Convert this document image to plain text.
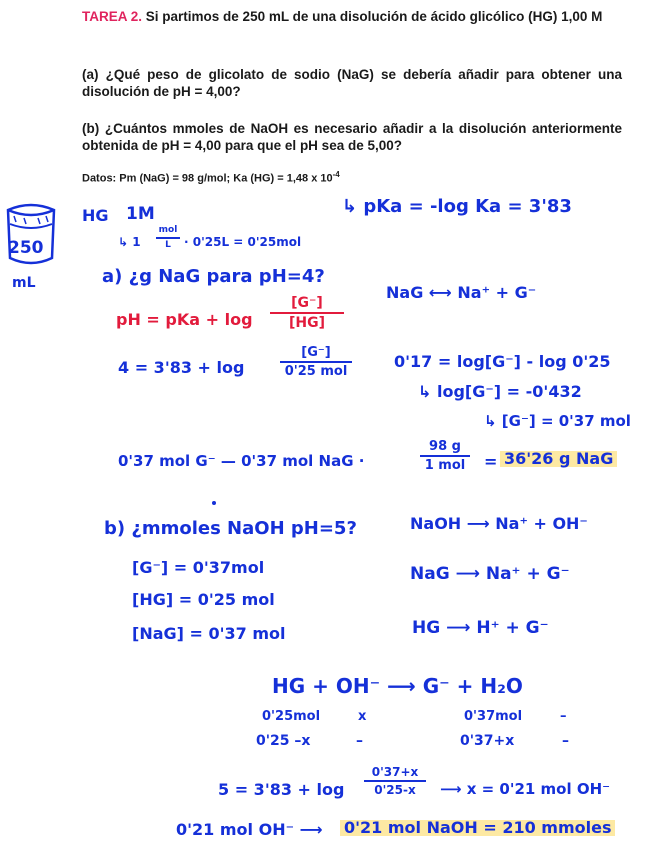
TAREA 2. Si partimos de 250 mL de una disolución de ácido glicólico (HG) 1,00 M
(a) ¿Qué peso de glicolato de sodio (NaG) se debería añadir para obtener una disolución de pH = 4,00?
(b) ¿Cuántos mmoles de NaOH es necesario añadir a la disolución anteriormente obtenida de pH = 4,00 para que el pH sea de 5,00?
Datos: Pm (NaG) = 98 g/mol; Ka (HG) = 1,48 x $10^{-4}$
250
mL
HG 1M
↳ 1
mol
L	· 0'25L = 0'25mol
↳ pKa = -log Ka = 3'83
a) ¿g NaG para pH=4?
NaG ⟷ Na⁺ + G⁻
pH = pKa + log
[G⁻]
[HG]
4 = 3'83 + log
[G⁻]
0'25 mol
0'17 = log[G⁻] - log 0'25
↳ log[G⁻] = -0'432
↳ [G⁻] = 0'37 mol
0'37 mol G⁻ — 0'37 mol NaG ·
98 g
1 mol = 36'26 g NaG
b) ¿mmoles NaOH pH=5?	NaOH ⟶ Na⁺ + OH⁻
[G⁻] = 0'37mol	NaG ⟶ Na⁺ + G⁻
[HG] = 0'25 mol
[NaG] = 0'37 mol	HG ⟶ H⁺ + G⁻
HG + OH⁻ ⟶ G⁻ + H₂O
0'25mol	x	0'37mol	–
0'25 –x	–	0'37+x	–
5 = 3'83 + log
0'37+x
0'25-x	⟶ x = 0'21 mol OH⁻
0'21 mol OH⁻ ⟶ 0'21 mol NaOH = 210 mmoles
